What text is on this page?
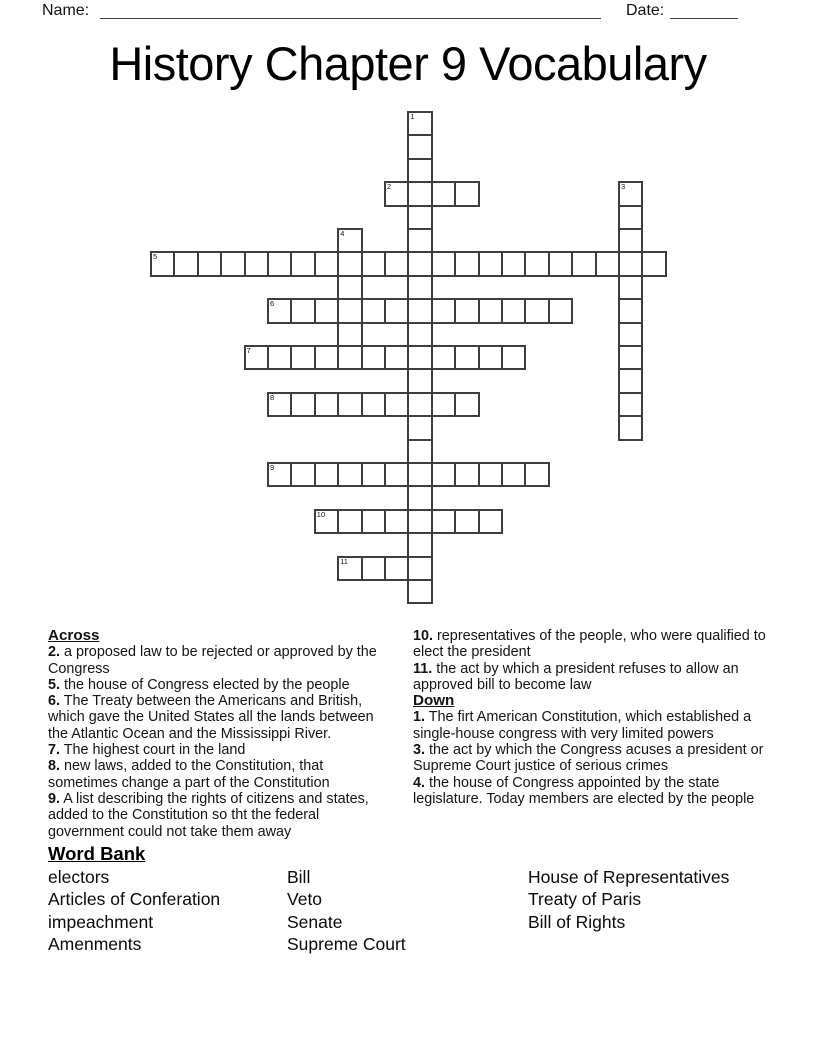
Name:	Date:
History Chapter 9 Vocabulary
1
2	3
4
5
6
7
8
9
10
11
Across
2. a proposed law to be rejected or approved by the Congress
5. the house of Congress elected by the people
6. The Treaty between the Americans and British, which gave the United States all the lands between the Atlantic Ocean and the Mississippi River.
7. The highest court in the land
8. new laws, added to the Constitution, that sometimes change a part of the Constitution
9. A list describing the rights of citizens and states, added to the Constitution so tht the federal government could not take them away
10. representatives of the people, who were qualified to elect the president
11. the act by which a president refuses to allow an approved bill to become law
Down
1. The firt American Constitution, which established a single-house congress with very limited powers
3. the act by which the Congress acuses a president or Supreme Court justice of serious crimes
4. the house of Congress appointed by the state legislature. Today members are elected by the people
Word Bank
electors
Articles of Conferation
impeachment
Amenments
Bill
Veto
Senate
Supreme Court
House of Representatives
Treaty of Paris
Bill of Rights
